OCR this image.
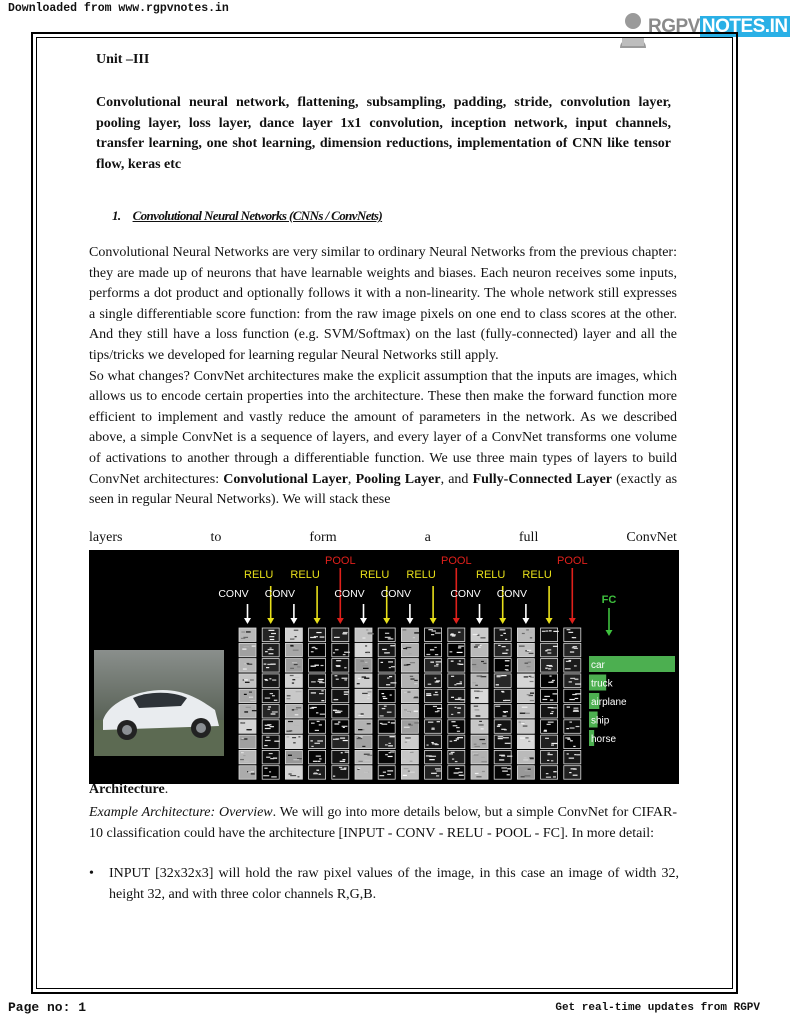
Downloaded from www.rgpvnotes.in
RGPV NOTES.IN
Unit –III
Convolutional neural network, flattening, subsampling, padding, stride, convolution layer, pooling layer, loss layer, dance layer 1x1 convolution, inception network, input channels, transfer learning, one shot learning, dimension reductions, implementation of CNN like tensor flow, keras etc
1. Convolutional Neural Networks (CNNs / ConvNets)
Convolutional Neural Networks are very similar to ordinary Neural Networks from the previous chapter: they are made up of neurons that have learnable weights and biases. Each neuron receives some inputs, performs a dot product and optionally follows it with a non-linearity. The whole network still expresses a single differentiable score function: from the raw image pixels on one end to class scores at the other. And they still have a loss function (e.g. SVM/Softmax) on the last (fully-connected) layer and all the tips/tricks we developed for learning regular Neural Networks still apply.
So what changes? ConvNet architectures make the explicit assumption that the inputs are images, which allows us to encode certain properties into the architecture. These then make the forward function more efficient to implement and vastly reduce the amount of parameters in the network. As we described above, a simple ConvNet is a sequence of layers, and every layer of a ConvNet transforms one volume of activations to another through a differentiable function. We use three main types of layers to build ConvNet architectures: Convolutional Layer, Pooling Layer, and Fully-Connected Layer (exactly as seen in regular Neural Networks). We will stack these
layers	to	form	a	full	ConvNet
CONV
RELU
CONV
RELU
POOL
CONV
RELU
CONV
RELU
POOL
CONV
RELU
CONV
RELU
POOL
FC
car
truck
airplane
ship
horse
Architecture.
Example Architecture: Overview. We will go into more details below, but a simple ConvNet for CIFAR-10 classification could have the architecture [INPUT - CONV - RELU - POOL - FC]. In more detail:
• INPUT [32x32x3] will hold the raw pixel values of the image, in this case an image of width 32, height 32, and with three color channels R,G,B.
Page no: 1	Get real-time updates from RGPV
